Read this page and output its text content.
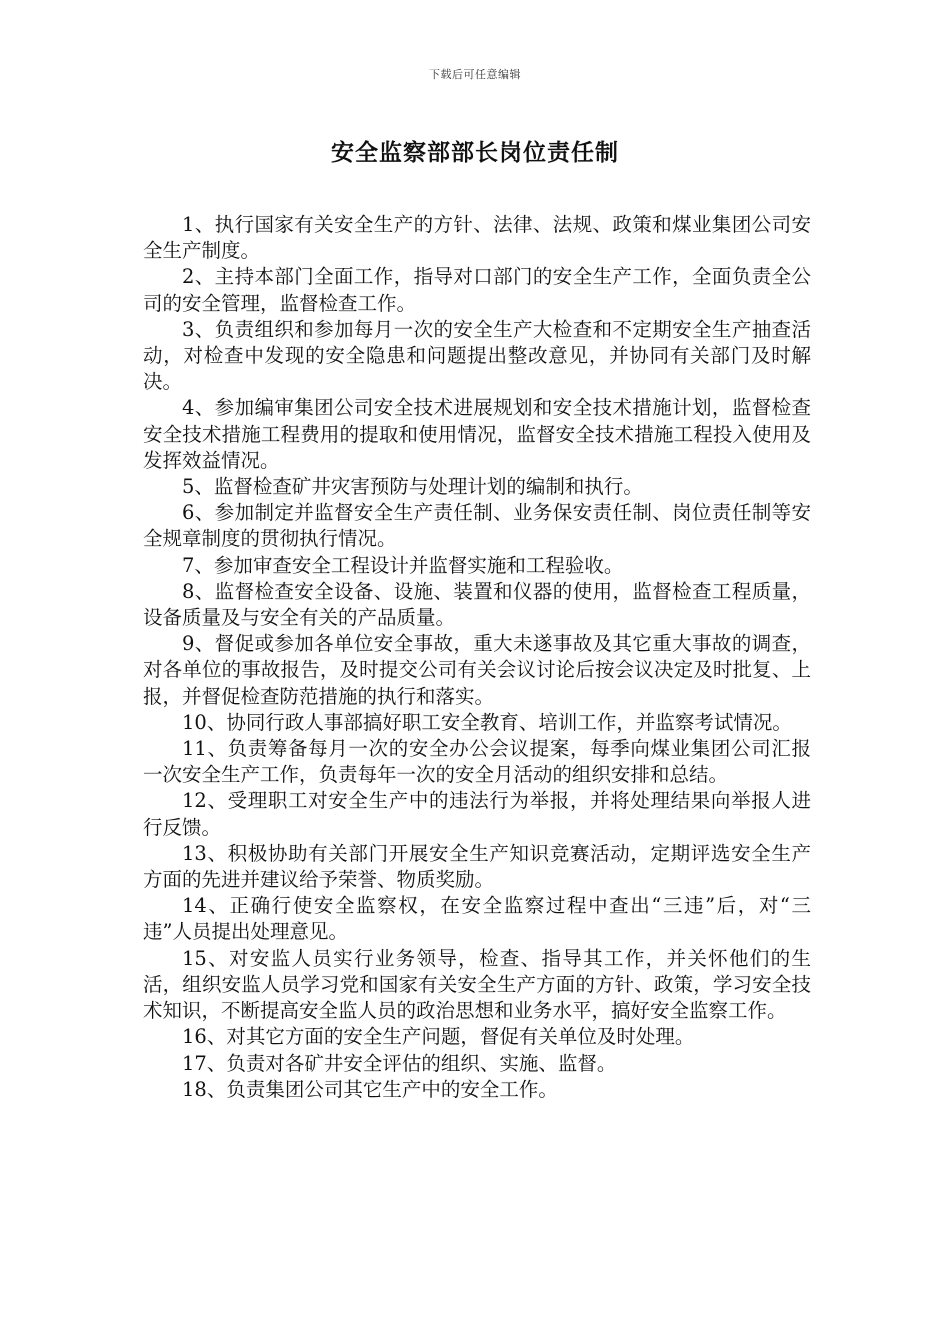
下载后可任意编辑
安全监察部部长岗位责任制

1、执行国家有关安全生产的方针、法律、法规、政策和煤业集团公司安全生产制度。

2、主持本部门全面工作，指导对口部门的安全生产工作，全面负责全公司的安全管理，监督检查工作。

3、负责组织和参加每月一次的安全生产大检查和不定期安全生产抽查活动，对检查中发现的安全隐患和问题提出整改意见，并协同有关部门及时解决。

4、参加编审集团公司安全技术进展规划和安全技术措施计划，监督检查安全技术措施工程费用的提取和使用情况，监督安全技术措施工程投入使用及发挥效益情况。

5、监督检查矿井灾害预防与处理计划的编制和执行。

6、参加制定并监督安全生产责任制、业务保安责任制、岗位责任制等安全规章制度的贯彻执行情况。

7、参加审查安全工程设计并监督实施和工程验收。

8、监督检查安全设备、设施、装置和仪器的使用，监督检查工程质量，设备质量及与安全有关的产品质量。

9、督促或参加各单位安全事故，重大未遂事故及其它重大事故的调查，对各单位的事故报告，及时提交公司有关会议讨论后按会议决定及时批复、上报，并督促检查防范措施的执行和落实。

10、协同行政人事部搞好职工安全教育、培训工作，并监察考试情况。

11、负责筹备每月一次的安全办公会议提案，每季向煤业集团公司汇报一次安全生产工作，负责每年一次的安全月活动的组织安排和总结。

12、受理职工对安全生产中的违法行为举报，并将处理结果向举报人进行反馈。

13、积极协助有关部门开展安全生产知识竞赛活动，定期评选安全生产方面的先进并建议给予荣誉、物质奖励。

14、正确行使安全监察权，在安全监察过程中查出“三违”后，对“三违”人员提出处理意见。

15、对安监人员实行业务领导，检查、指导其工作，并关怀他们的生活，组织安监人员学习党和国家有关安全生产方面的方针、政策，学习安全技术知识，不断提高安全监人员的政治思想和业务水平，搞好安全监察工作。

16、对其它方面的安全生产问题，督促有关单位及时处理。

17、负责对各矿井安全评估的组织、实施、监督。

18、负责集团公司其它生产中的安全工作。
